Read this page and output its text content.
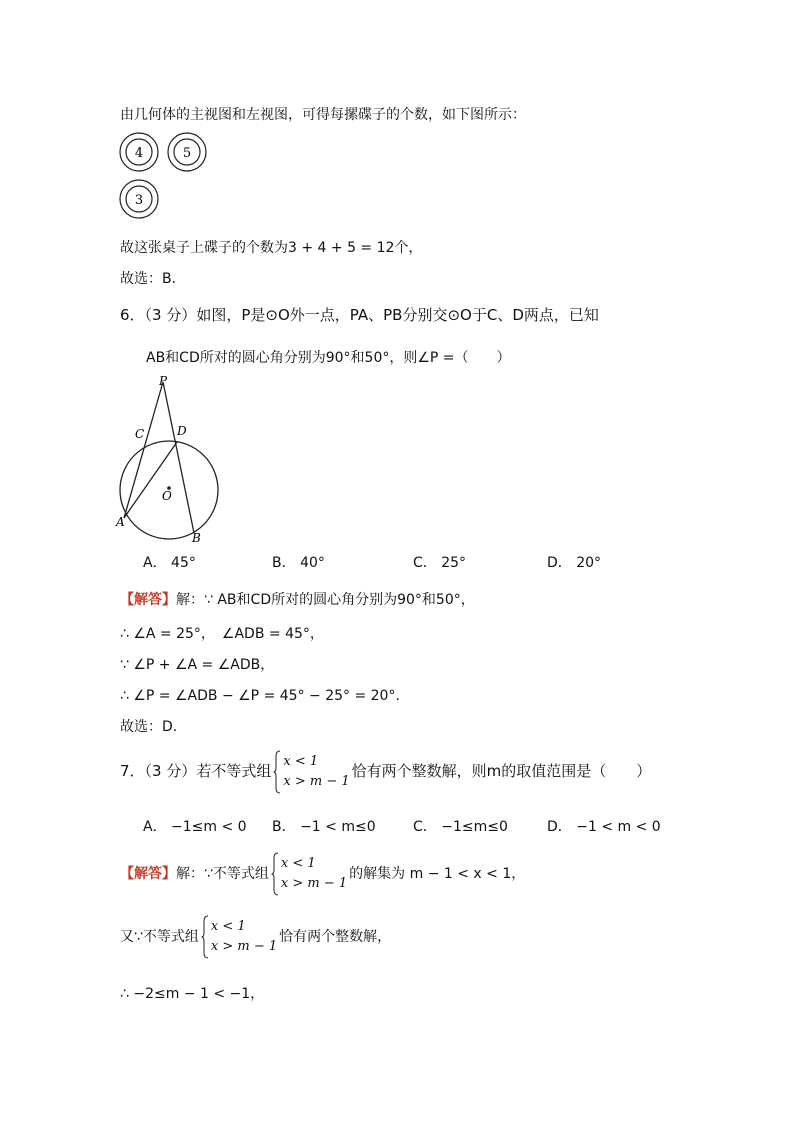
由几何体的主视图和左视图，可得每摞碟子的个数，如下图所示：
4	5
3
故这张桌子上碟子的个数为3 + 4 + 5 = 12个，
故选：B．
6．（3 分）如图，P是⊙O外一点，PA、PB分别交⊙O于C、D两点，已知
AB和CD所对的圆心角分别为90°和50°，则∠P =（　　）
P
C	D
O
A
B
A． 45°	B． 40°	C． 25°	D． 20°
【解答】解：∵ AB和CD所对的圆心角分别为90°和50°，
∴ ∠A = 25°，　∠ADB = 45°，
∵ ∠P + ∠A = ∠ADB，
∴ ∠P = ∠ADB − ∠P = 45° − 25° = 20°．
故选：D．
7．（3 分）若不等式组
x < 1
x > m − 1
恰有两个整数解，则m的取值范围是（　　）
A． −1≤m < 0 B． −1 < m≤0	C． −1≤m≤0	D． −1 < m < 0
【解答】解：∵不等式组
x < 1
x > m − 1
的解集为 m − 1 < x < 1，
又∵不等式组
x < 1
x > m − 1
恰有两个整数解，
∴ −2≤m − 1 < −1，
